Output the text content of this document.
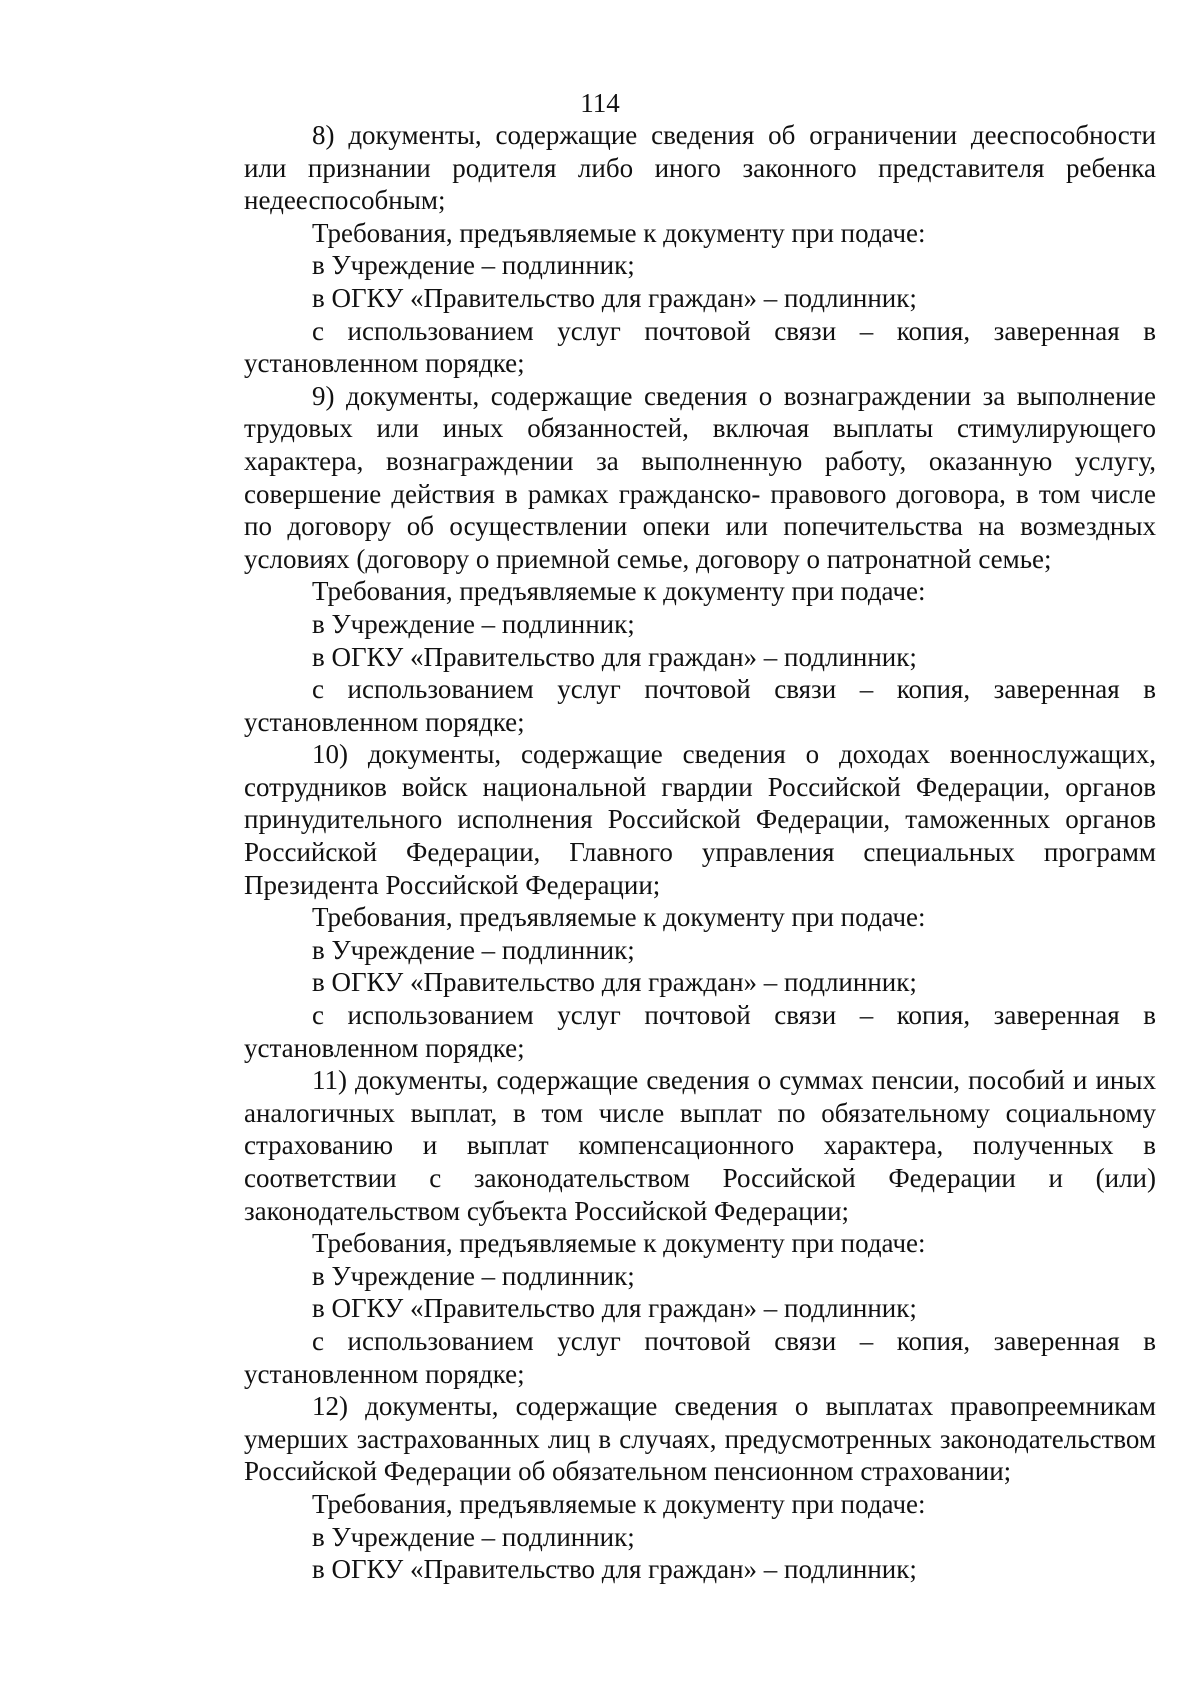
114

8) документы, содержащие сведения об ограничении дееспособности или признании родителя либо иного законного представителя ребенка недееспособным;

Требования, предъявляемые к документу при подаче:

в Учреждение – подлинник;

в ОГКУ «Правительство для граждан» – подлинник;

с использованием услуг почтовой связи – копия, заверенная в установленном порядке;

9) документы, содержащие сведения о вознаграждении за выполнение трудовых или иных обязанностей, включая выплаты стимулирующего характера, вознаграждении за выполненную работу, оказанную услугу, совершение действия в рамках гражданско- правового договора, в том числе по договору об осуществлении опеки или попечительства на возмездных условиях (договору о приемной семье, договору о патронатной семье;

Требования, предъявляемые к документу при подаче:

в Учреждение – подлинник;

в ОГКУ «Правительство для граждан» – подлинник;

с использованием услуг почтовой связи – копия, заверенная в установленном порядке;

10) документы, содержащие сведения о доходах военнослужащих, сотрудников войск национальной гвардии Российской Федерации, органов принудительного исполнения Российской Федерации, таможенных органов Российской Федерации, Главного управления специальных программ Президента Российской Федерации;

Требования, предъявляемые к документу при подаче:

в Учреждение – подлинник;

в ОГКУ «Правительство для граждан» – подлинник;

с использованием услуг почтовой связи – копия, заверенная в установленном порядке;

11) документы, содержащие сведения о суммах пенсии, пособий и иных аналогичных выплат, в том числе выплат по обязательному социальному страхованию и выплат компенсационного характера, полученных в соответствии с законодательством Российской Федерации и (или) законодательством субъекта Российской Федерации;

Требования, предъявляемые к документу при подаче:

в Учреждение – подлинник;

в ОГКУ «Правительство для граждан» – подлинник;

с использованием услуг почтовой связи – копия, заверенная в установленном порядке;

12) документы, содержащие сведения о выплатах правопреемникам умерших застрахованных лиц в случаях, предусмотренных законодательством Российской Федерации об обязательном пенсионном страховании;

Требования, предъявляемые к документу при подаче:

в Учреждение – подлинник;

в ОГКУ «Правительство для граждан» – подлинник;
